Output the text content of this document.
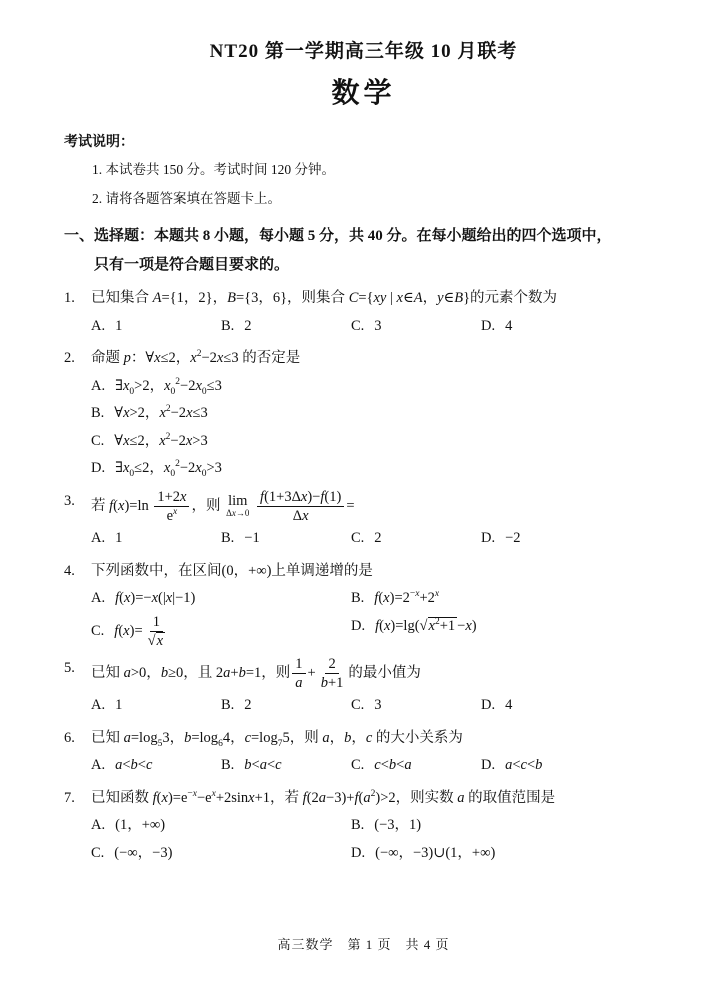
NT20 第一学期高三年级 10 月联考
数学
考试说明：
1. 本试卷共 150 分。考试时间 120 分钟。
2. 请将各题答案填在答题卡上。
一、选择题：本题共 8 小题，每小题 5 分，共 40 分。在每小题给出的四个选项中，
只有一项是符合题目要求的。
1.	已知集合 A={1，2}，B={3，6}，则集合 C={xy | x∈A，y∈B}的元素个数为
A. 1	B. 2	C. 3	D. 4
2.	命题 p：∀x≤2，$x^2-2x\le 3$ 的否定是
A. $\exists x_0>2$，$x_0^2-2x_0\le 3$
B. ∀x>2，$x^2-2x\le 3$
C. ∀x≤2，$x^2-2x>3$
D. $\exists x_0\le 2$，$x_0^2-2x_0>3$
3.	若 $f(x)=\ln \frac{1+2x}{e^x}$ ，则 lim
Δx→0
$\frac{f(1+3\Delta x)-f(1)}{\Delta x}$ =
A. 1	B. −1	C. 2	D. −2
4.	下列函数中，在区间(0，+∞)上单调递增的是
A. f(x)=−x(|x|−1)	B. $f(x)=2^{-x}+2^x$
C. $f(x)= \frac{1}{√x}$	D. $f(x)=\lg(√x^2+1 -x)$
5.	已知 a>0，b≥0，且 2a+b=1，则 $\frac{1}{a} + \frac{2}{b+1}$ 的最小值为
A. 1	B. 2	C. 3	D. 4
6.	已知 $a=\log_53$，$b=\log_64$，$c=\log_75$，则 a，b，c 的大小关系为
A. a<b<c	B. b<a<c	C. c<b<a	D. a<c<b
7.	已知函数 $f(x)=e^{-x}-e^x+2\sin x+1$，若 $f(2a-3)+f(a^2)>2$，则实数 a 的取值范围是
A. (1，+∞)	B. (−3，1)
C. (−∞，−3)	D. (−∞，−3)∪(1，+∞)
高三数学　第 1 页　共 4 页
